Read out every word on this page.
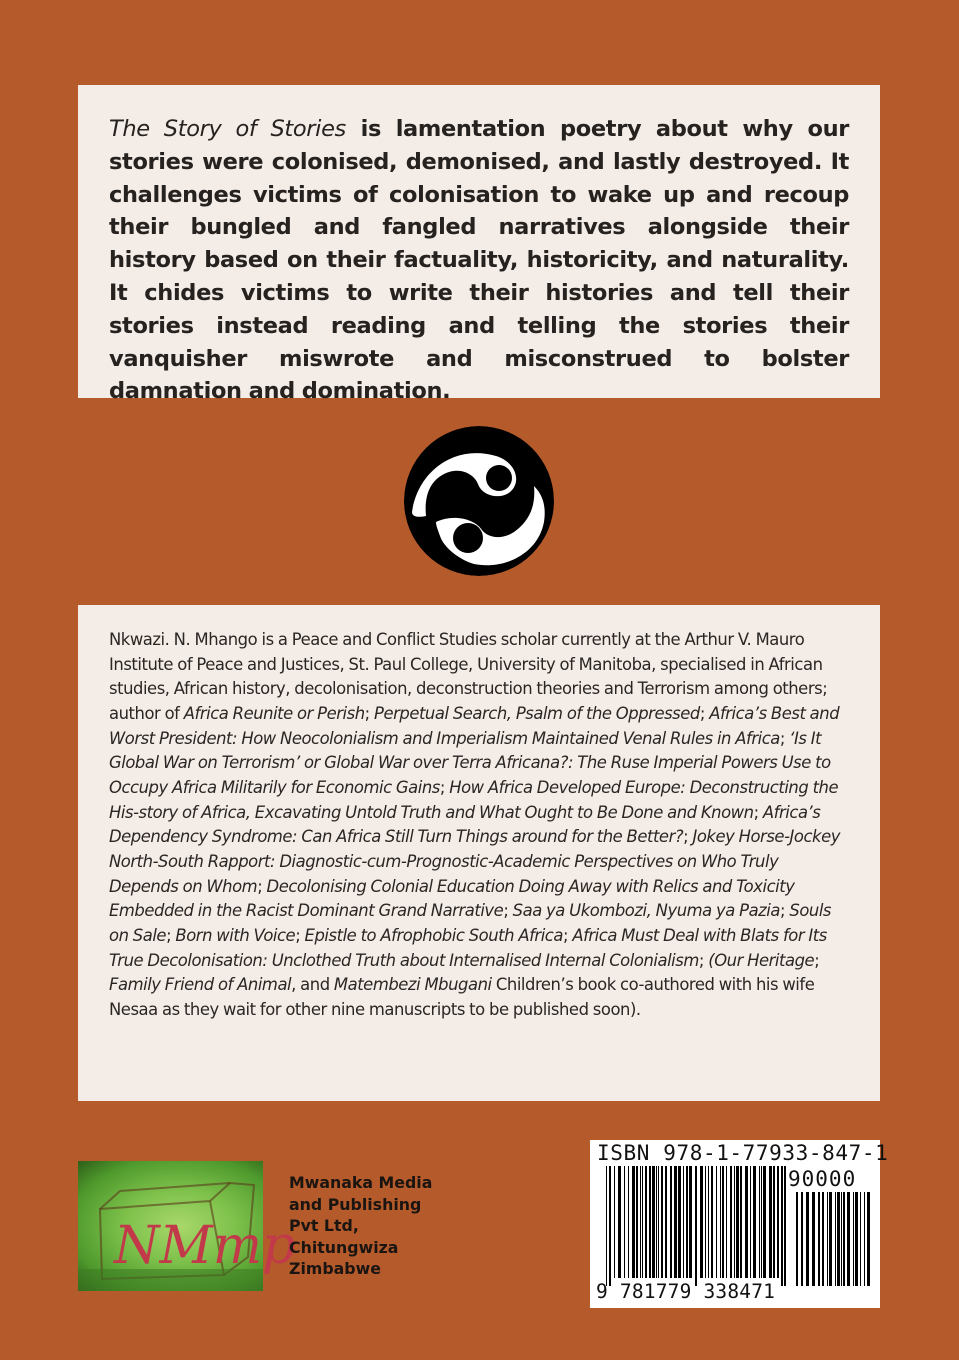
The Story of Stories is lamentation poetry about why our stories were colonised, demonised, and lastly destroyed. It challenges victims of colonisation to wake up and recoup their bungled and fangled narratives alongside their history based on their factuality, historicity, and naturality. It chides victims to write their histories and tell their stories instead reading and telling the stories their vanquisher miswrote and misconstrued to bolster damnation and domination.

Nkwazi. N. Mhango is a Peace and Conflict Studies scholar currently at the Arthur V. Mauro Institute of Peace and Justices, St. Paul College, University of Manitoba, specialised in African studies, African history, decolonisation, deconstruction theories and Terrorism among others; author of Africa Reunite or Perish; Perpetual Search, Psalm of the Oppressed; Africa’s Best and Worst President: How Neocolonialism and Imperialism Maintained Venal Rules in Africa; ‘Is It Global War on Terrorism’ or Global War over Terra Africana?: The Ruse Imperial Powers Use to Occupy Africa Militarily for Economic Gains; How Africa Developed Europe: Deconstructing the His-story of Africa, Excavating Untold Truth and What Ought to Be Done and Known; Africa’s Dependency Syndrome: Can Africa Still Turn Things around for the Better?; Jokey Horse-Jockey North-South Rapport: Diagnostic-cum-Prognostic-Academic Perspectives on Who Truly Depends on Whom; Decolonising Colonial Education Doing Away with Relics and Toxicity Embedded in the Racist Dominant Grand Narrative; Saa ya Ukombozi, Nyuma ya Pazia; Souls on Sale; Born with Voice; Epistle to Afrophobic South Africa; Africa Must Deal with Blats for Its True Decolonisation: Unclothed Truth about Internalised Internal Colonialism; (Our Heritage; Family Friend of Animal, and Matembezi Mbugani Children’s book co-authored with his wife Nesaa as they wait for other nine manuscripts to be published soon).

NMmp
Mwanaka Media
and Publishing
Pvt Ltd,
Chitungwiza
Zimbabwe

ISBN 978-1-77933-847-1

90000

9 781779 338471
